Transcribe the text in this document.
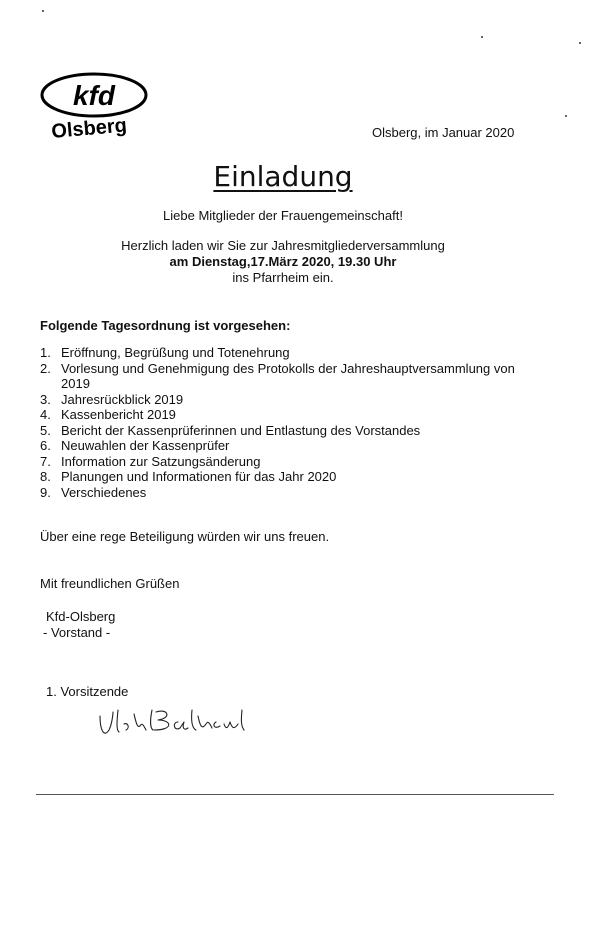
kfd
Olsberg	Olsberg, im Januar 2020
Einladung
Liebe Mitglieder der Frauengemeinschaft!
Herzlich laden wir Sie zur Jahresmitgliederversammlung
am Dienstag,17.März 2020, 19.30 Uhr
ins Pfarrheim ein.
Folgende Tagesordnung ist vorgesehen:
1. Eröffnung, Begrüßung und Totenehrung
2. Vorlesung und Genehmigung des Protokolls der Jahreshauptversammlung von 2019
3. Jahresrückblick 2019
4. Kassenbericht 2019
5. Bericht der Kassenprüferinnen und Entlastung des Vorstandes
6. Neuwahlen der Kassenprüfer
7. Information zur Satzungsänderung
8. Planungen und Informationen für das Jahr 2020
9. Verschiedenes
Über eine rege Beteiligung würden wir uns freuen.
Mit freundlichen Grüßen
Kfd-Olsberg
- Vorstand -
1. Vorsitzende
